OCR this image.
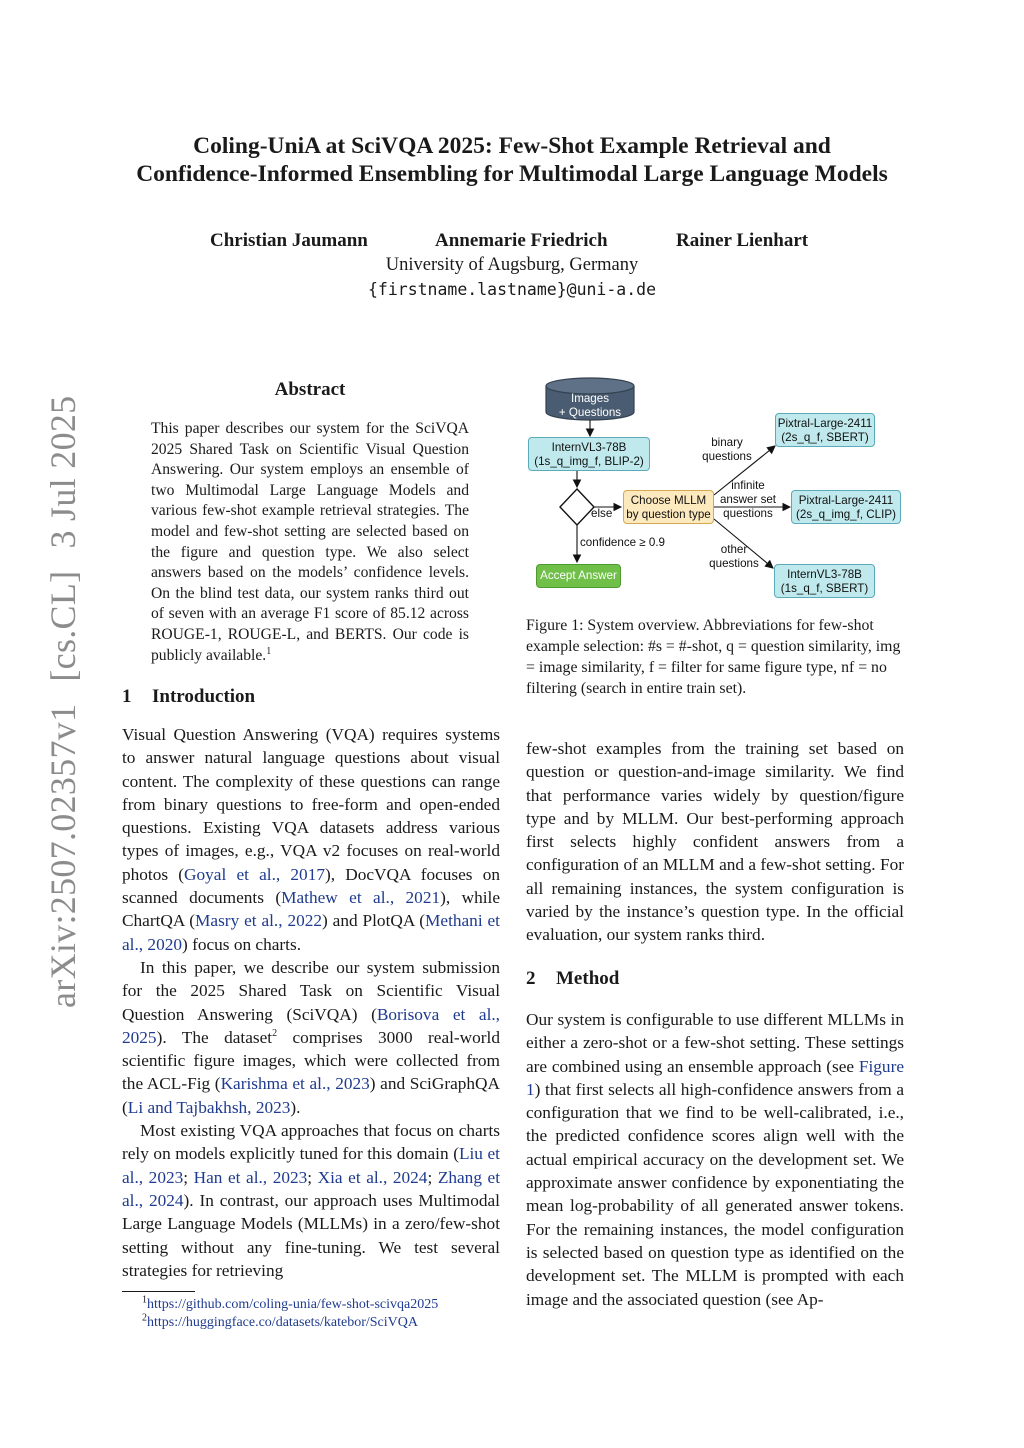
Coling-UniA at SciVQA 2025: Few-Shot Example Retrieval and
Confidence-Informed Ensembling for Multimodal Large Language Models
Christian Jaumann	Annemarie Friedrich	Rainer Lienhart
University of Augsburg, Germany
{firstname.lastname}@uni-a.de
arXiv:2507.02357v1[cs.CL]3 Jul 2025
Abstract

This paper describes our system for the SciVQA 2025 Shared Task on Scientific Visual Question Answering. Our system employs an ensemble of two Multimodal Large Language Models and various few-shot example retrieval strategies. The model and few-shot setting are selected based on the figure and question type. We also select answers based on the models’ confidence levels. On the blind test data, our system ranks third out of seven with an average F1 score of 85.12 across ROUGE-1, ROUGE-L, and BERTS. Our code is publicly available.$^1$

1 Introduction

Visual Question Answering (VQA) requires systems to answer natural language questions about visual content. The complexity of these questions can range from binary questions to free-form and open-ended questions. Existing VQA datasets address various types of images, e.g., VQA v2 focuses on real-world photos (Goyal et al., 2017), DocVQA focuses on scanned documents (Mathew et al., 2021), while ChartQA (Masry et al., 2022) and PlotQA (Methani et al., 2020) focus on charts.

In this paper, we describe our system submission for the 2025 Shared Task on Scientific Visual Question Answering (SciVQA) (Borisova et al., 2025). The dataset$^2$ comprises 3000 real-world scientific figure images, which were collected from the ACL-Fig (Karishma et al., 2023) and SciGraphQA (Li and Tajbakhsh, 2023).

Most existing VQA approaches that focus on charts rely on models explicitly tuned for this domain (Liu et al., 2023; Han et al., 2023; Xia et al., 2024; Zhang et al., 2024). In contrast, our approach uses Multimodal Large Language Models (MLLMs) in a zero/few-shot setting without any fine-tuning. We test several strategies for retrieving

$^1$https://github.com/coling-unia/few-shot-scivqa2025
$^2$https://huggingface.co/datasets/katebor/SciVQA
Images
+ Questions
InternVL3-78B
(1s_q_img_f, BLIP-2)
else
Choose MLLM
by question type
confidence ≥ 0.9
Accept Answer
binary
questions
infinite
answer set
questions
other
questions
Pixtral-Large-2411
(2s_q_f, SBERT)
Pixtral-Large-2411
(2s_q_img_f, CLIP)
InternVL3-78B
(1s_q_f, SBERT)

Figure 1: System overview. Abbreviations for few-shot example selection: #s = #-shot, q = question similarity, img = image similarity, f = filter for same figure type, nf = no filtering (search in entire train set).

few-shot examples from the training set based on question or question-and-image similarity. We find that performance varies widely by question/figure type and by MLLM. Our best-performing approach first selects highly confident answers from a configuration of an MLLM and a few-shot setting. For all remaining instances, the system configuration is varied by the instance’s question type. In the official evaluation, our system ranks third.

2 Method

Our system is configurable to use different MLLMs in either a zero-shot or a few-shot setting. These settings are combined using an ensemble approach (see Figure 1) that first selects all high-confidence answers from a configuration that we find to be well-calibrated, i.e., the predicted confidence scores align well with the actual empirical accuracy on the development set. We approximate answer confidence by exponentiating the mean log-probability of all generated answer tokens. For the remaining instances, the model configuration is selected based on question type as identified on the development set. The MLLM is prompted with each image and the associated question (see Ap-
